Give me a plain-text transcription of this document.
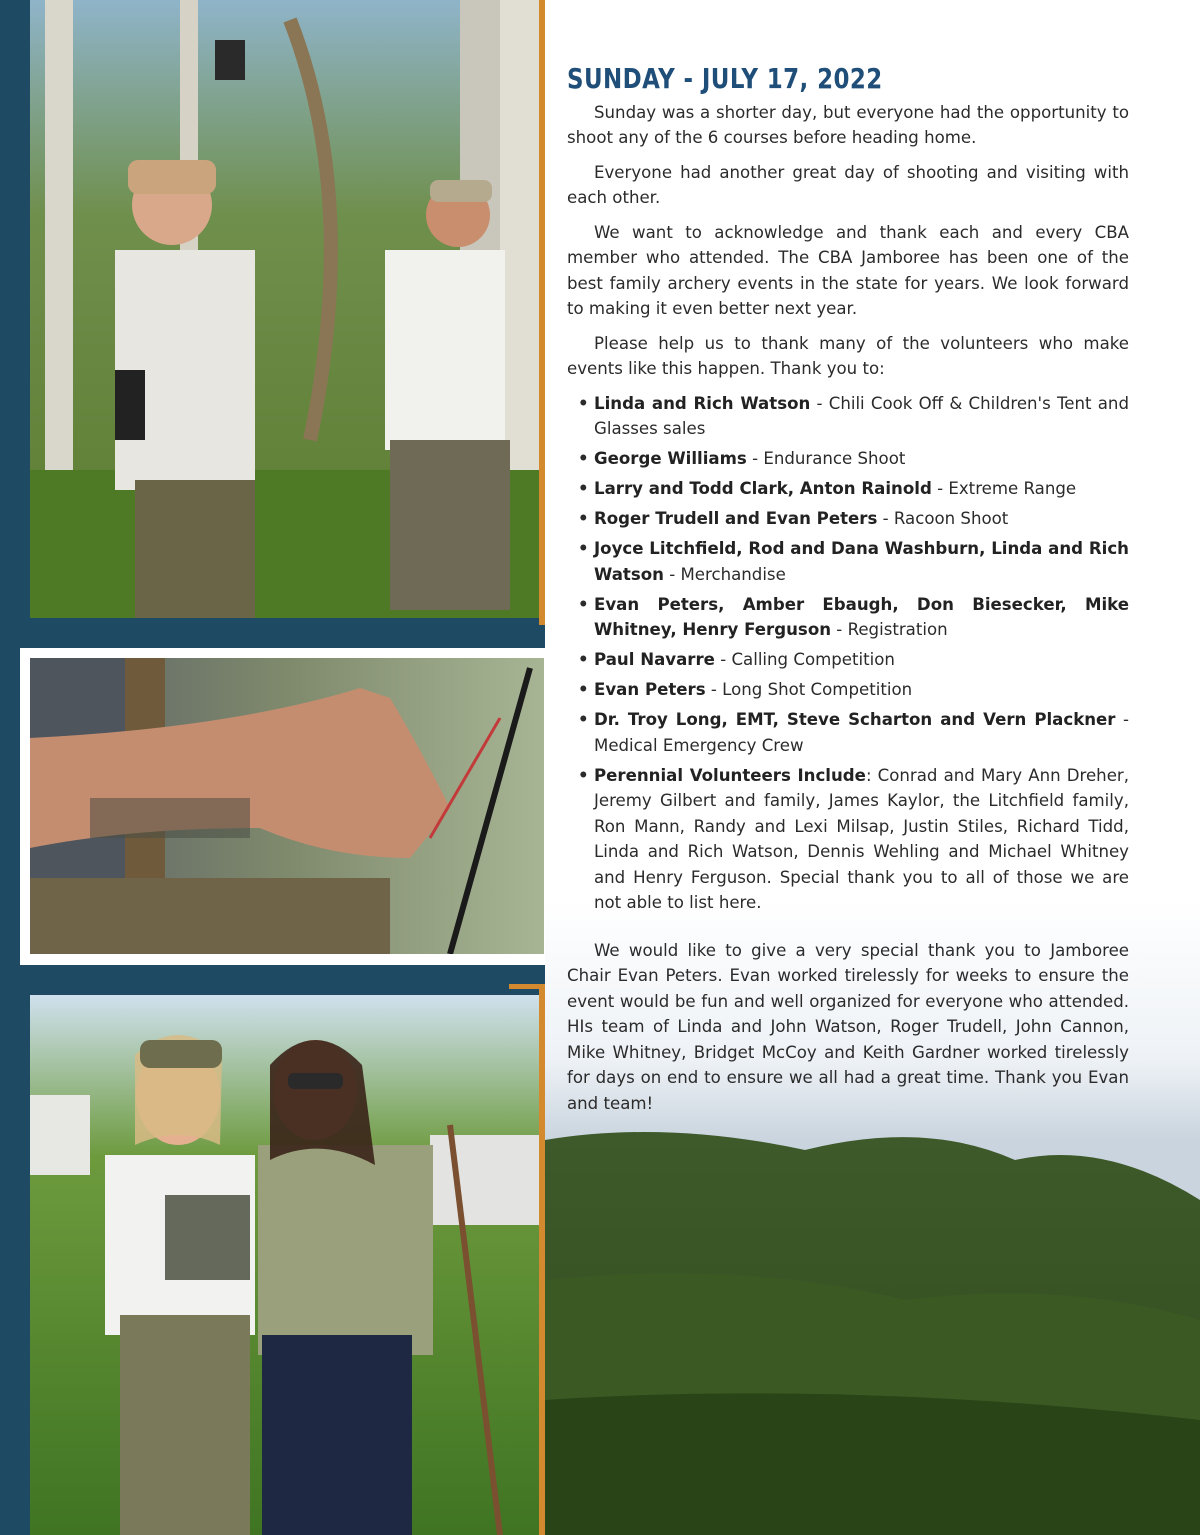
SUNDAY - JULY 17, 2022

Sunday was a shorter day, but everyone had the opportunity to shoot any of the 6 courses before heading home.

Everyone had another great day of shooting and visiting with each other.

We want to acknowledge and thank each and every CBA member who attended. The CBA Jamboree has been one of the best family archery events in the state for years. We look forward to making it even better next year.

Please help us to thank many of the volunteers who make events like this happen. Thank you to:

• Linda and Rich Watson - Chili Cook Off & Children's Tent and Glasses sales
• George Williams - Endurance Shoot
• Larry and Todd Clark, Anton Rainold - Extreme Range
• Roger Trudell and Evan Peters - Racoon Shoot
• Joyce Litchfield, Rod and Dana Washburn, Linda and Rich Watson - Merchandise
• Evan Peters, Amber Ebaugh, Don Biesecker, Mike Whitney, Henry Ferguson - Registration
• Paul Navarre - Calling Competition
• Evan Peters - Long Shot Competition
• Dr. Troy Long, EMT, Steve Scharton and Vern Plackner - Medical Emergency Crew
• Perennial Volunteers Include: Conrad and Mary Ann Dreher, Jeremy Gilbert and family, James Kaylor, the Litchfield family, Ron Mann, Randy and Lexi Milsap, Justin Stiles, Richard Tidd, Linda and Rich Watson, Dennis Wehling and Michael Whitney and Henry Ferguson. Special thank you to all of those we are not able to list here.

We would like to give a very special thank you to Jamboree Chair Evan Peters. Evan worked tirelessly for weeks to ensure the event would be fun and well organized for everyone who attended. HIs team of Linda and John Watson, Roger Trudell, John Cannon, Mike Whitney, Bridget McCoy and Keith Gardner worked tirelessly for days on end to ensure we all had a great time. Thank you Evan and team!
